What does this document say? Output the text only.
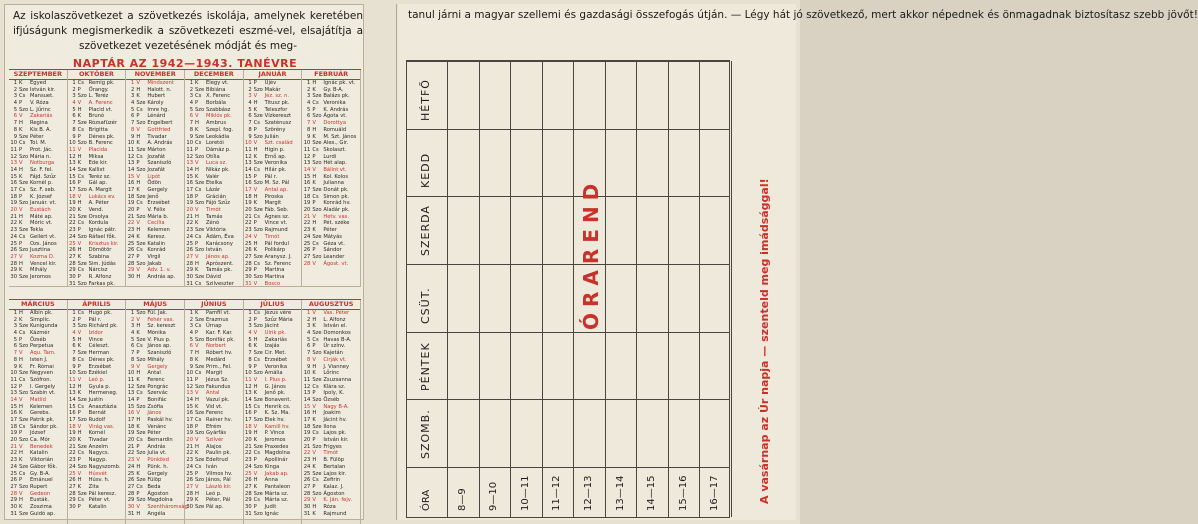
Az iskolaszövetkezet a szövetkezés iskolája, amelynek keretében ifjúságunk megismerkedik a szövetkezeti eszmé-vel, elsajátítja a szövetkezet vezetésének módját és meg-
NAPTÁR AZ 1942—1943. TANÉVRE
SZEPTEMBER
1 K Egyed
2 Sze István kir.
3 Cs Mansuet.
4 P V. Róza
5 Szo L. Jűrinc
6 V Zakariás
7 H Regina
8 K Kis B. A.
9 Sze Péter
10 Cs Tol. M.
11 P Prot. Jác.
12 Szo Mária n.
13 V Notburga
14 H Sz. F. fel.
15 K Fájd. Szűz
16 Sze Kornél p.
17 Cs Sz. F. seb.
18 P K. József
19 Szo Január. vt.
20 V Eustách
21 H Máté ap.
22 K Móric vt.
23 Sze Tekla
24 Cs Gellért vt.
25 P Ozs. János
26 Szo Jusztina
27 V Kozma D.
28 H Vencel kir.
29 K Mihály
30 Sze Jeromos
OKTÓBER
1 Cs Remig pk.
2 P Őrangy.
3 Szo L. Teréz
4 V A. Ferenc
5 H Placid vt.
6 K Brunó
7 Sze Rózsafüzér
8 Cs Brigitta
9 P Dénes pk.
10 Szo B. Ferenc
11 V Placida
12 H Miksa
13 K Ede kir.
14 Sze Kallixt
15 Cs Teréz sz.
16 P Gál ap.
17 Szo A. Margit
18 V Lukács ev.
19 H A. Péter
20 K Vend.
21 Sze Orsolya
22 Cs Kordula
23 P Ignác pátr.
24 Szo Ráfael fők.
25 V Krisztus kir.
26 H Dömötör
27 K Szabina
28 Sze Sim. Júdás
29 Cs Nárcisz
30 P R. Alfonz
31 Szo Farkas pk.
NOVEMBER
1 V Mindszent
2 H Halott. n.
3 K Hubert
4 Sze Károly
5 Cs Imre hg.
6 P Lénárd
7 Szo Engelbert
8 V Gottfried
9 H Tivadar
10 K A. András
11 Sze Márton
12 Cs Jozafát
13 P Szaniszló
14 Szo Jozafát
15 V Lipót
16 H Ödön
17 K Gergely
18 Sze Jenő
19 Cs Erzsébet
20 P V. Félix
21 Szo Mária b.
22 V Cecília
23 H Kelemen
24 K Keresz.
25 Sze Katalin
26 Cs Konrád
27 P Virgil
28 Szo Jakab
29 V Adv. 1. v.
30 H András ap.
DECEMBER
1 K Elegy vt.
2 Sze Bibiána
3 Cs X. Ferenc
4 P Borbála
5 Szo Szabbász
6 V Miklós pk.
7 H Ambrus
8 K Szepl. fog.
9 Sze Leokádia
10 Cs Loretói
11 P Dámáz p.
12 Szo Otília
13 V Luca sz.
14 H Nikáz pk.
15 K Valér
16 Sze Etelka
17 Cs Lázár
18 P Grácián
19 Szo Fájó Szűz
20 V Timót
21 H Tamás
22 K Zénó
23 Sze Viktória
24 Cs Ádám, Éva
25 P Karácsony
26 Szo István
27 V János ap.
28 H Aprószent.
29 K Tamás pk.
30 Sze Dávid
31 Cs Szilveszter
JANUÁR
1 P Újév
2 Szo Makár
3 V Jéz. sz. n.
4 H Titusz pk.
5 K Teleszfor
6 Sze Vízkereszt
7 Cs Szaténusz
8 P Szörény
9 Szo Julián
10 V Szt. család
11 H Higin p.
12 K Ernő ap.
13 Sze Veronika
14 Cs Hilár pk.
15 P Pál r.
16 Szo M. Sz. Pál
17 V Antal ap.
18 H Piroska
19 K Margit
20 Sze Fáb. Seb.
21 Cs Ágnes sz.
22 P Vince vt.
23 Szo Rajmund
24 V Timót
25 H Pál fordul
26 K Polikárp
27 Sze Aranysz. J.
28 Cs Sz. Ferenc
29 P Martina
30 Szo Martina
31 V Bosco
FEBRUÁR
1 H Ignác pk. vt.
2 K Gy. B-A.
3 Sze Balázs pk.
4 Cs Veronika
5 P K. András
6 Szo Ágota vt.
7 V Dorottya
8 H Romuáld
9 K M. Szt. János
10 Sze Alex., Gir.
11 Cs Skolaszt.
12 P Lurdi
13 Szo Hét alap.
14 V Bálint vt.
15 H Kol. Kolos
16 K Julianna
17 Sze Donát pk.
18 Cs Simon pk.
19 P Konrád hv.
20 Szo Aladár pk.
21 V Hetv. vas.
22 H Pét. széke
23 K Péter
24 Sze Mátyás
25 Cs Géza vt.
26 P Sándor
27 Szo Leander
28 V Ágost. vt.
MÁRCIUS
1 H Albin pk.
2 K Simplíc.
3 Sze Kunigunda
4 Cs Kázmér
5 P Özséb
6 Szo Perpetua
7 V Aqu. Tam.
8 H Isten J.
9 K Fr. Római
10 Sze Negyven
11 Cs Szófron.
12 P I. Gergely
13 Szo Szabin vt.
14 V Matild
15 H Kelemen
16 K Gerebs.
17 Sze Patrik pk.
18 Cs Sándor pk.
19 P József
20 Szo Ca. Mór
21 V Benedek
22 H Katalin
23 K Viktorián
24 Sze Gábor fők.
25 Cs Gy. B-A.
26 P Emánuel
27 Szo Rupert
28 V Gedeon
29 H Eusták.
30 K Zoszima
31 Sze Guidó ap.
ÁPRILIS
1 Cs Hugó pk.
2 P Pál r.
3 Szo Richárd pk.
4 V Izidor
5 H Vince
6 K Céleszt.
7 Sze Herman
8 Cs Dénes pk.
9 P Erzsébet
10 Szo Ezékiel
11 V Leó p.
12 H Gyula p.
13 K Hermeneg.
14 Sze Justin
15 Cs Anasztázia
16 P Bernát
17 Szo Rudolf
18 V Virág vas.
19 H Kornél
20 K Tivadar
21 Sze Anzelm
22 Cs Nagycs.
23 P Nagyp.
24 Szo Nagyszomb.
25 V Húsvét
26 H Húsv. h.
27 K Zita
28 Sze Pál keresz.
29 Cs Péter vt.
30 P Katalin
MÁJUS
1 Szo Fül. Jak.
2 V Fehér vas.
3 H Sz. kereszt
4 K Mónika
5 Sze V. Pius p.
6 Cs János ap.
7 P Szaniszló
8 Szo Mihály
9 V Gergely
10 H Antal
11 K Ferenc
12 Sze Pongrác
13 Cs Szervác
14 P Bonifác
15 Szo Zsófia
16 V János
17 H Paskál hv.
18 K Venánc
19 Sze Péter
20 Cs Bernardin
21 P András
22 Szo Julia vt.
23 V Pünkösd
24 H Pünk. h.
25 K Gergely
26 Sze Fülöp
27 Cs Beda
28 P Ágoston
29 Szo Magdolna
30 V Szentháromság
31 H Angéla
JÚNIUS
1 K Pamfil vt.
2 Sze Erazmus
3 Cs Úrnap
4 P Kar. F. Kar.
5 Szo Bonifác pk.
6 V Norbert
7 H Róbert hv.
8 K Medárd
9 Sze Prim., Fel.
10 Cs Margit
11 P Jézus Sz.
12 Szo Fakundus
13 V Antal
14 H Vazul pk.
15 K Vid vt.
16 Sze Ferenc
17 Cs Rainer hv.
18 P Efrém
19 Szo Gyárfás
20 V Szilvér
21 H Alajos
22 K Paulin pk.
23 Sze Edeltrud
24 Cs Iván
25 P Vilmos hv.
26 Szo János, Pál
27 V László kir.
28 H Leó p.
29 K Péter, Pál
30 Sze Pál ap.
JÚLIUS
1 Cs Jézus vére
2 P Szűz Mária
3 Szo Jácint
4 V Ulrik pk.
5 H Zakariás
6 K Izajás
7 Sze Cir. Met.
8 Cs Erzsébet
9 P Veronika
10 Szo Amália
11 V I. Pius p.
12 H G. János
13 K Jenő pk.
14 Sze Bonavent.
15 Cs Henrik cs.
16 P K. Sz. Ma.
17 Szo Elek hv.
18 V Kamill hv.
19 H P. Vince
20 K Jeromos
21 Sze Praxedes
22 Cs Magdolna
23 P Apollinár
24 Szo Kinga
25 V Jakab ap.
26 H Anna
27 K Pantaleon
28 Sze Márta sz.
29 Cs Márta sz.
30 P Judit
31 Szo Ignác
AUGUSZTUS
1 V Vas. Péter
2 H L. Alfonz
3 K István el.
4 Sze Domonkos
5 Cs Havas B-A.
6 P Úr színv.
7 Szo Kajetán
8 V Cirják vt.
9 H J. Vianney
10 K Lőrinc
11 Sze Zsuzsanna
12 Cs Klára sz.
13 P Ipoly, K.
14 Szo Özséb
15 V Nagy B-A.
16 H Joakim
17 K Jácint hv.
18 Sze Ilona
19 Cs Lajos pk.
20 P István kir.
21 Szo Frigyes
22 V Timót
23 H B. Fülöp
24 K Bertalan
25 Sze Lajos kir.
26 Cs Zefirin
27 P Kalaz. J.
28 Szo Ágoston
29 V K. Ján. fejv.
30 H Róza
31 K Rajmund
tanul járni a magyar szellemi és gazdasági összefogás útján. — Légy hát jó szövetkező, mert akkor népednek és önmagadnak biztosítasz szebb jövőt!
SZOMB.
PÉNTEK
CSÜT.
SZERDA
KEDD
HÉTFŐ
8—9 9—10 10—11 11—12 12—13 13—14 14—15 15—16 16—17
ÓRA
ÓRAREND	A vasárnap az Úr napja — szenteld meg imádsággal!
